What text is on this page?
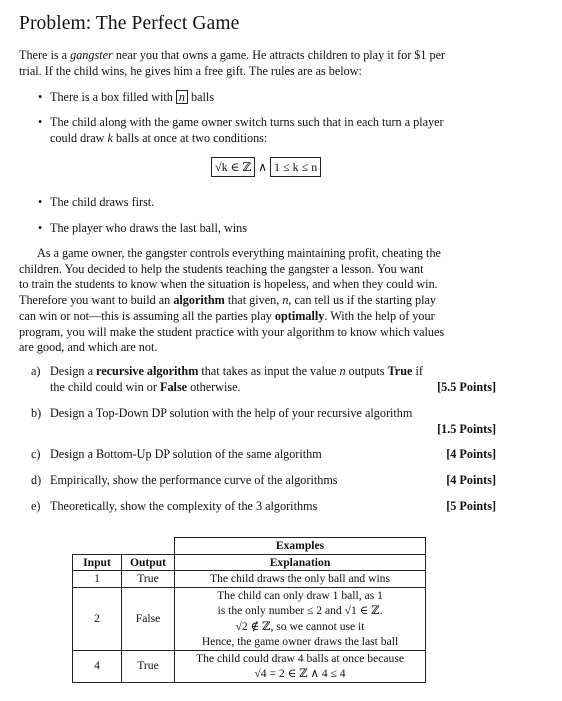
Problem: The Perfect Game
There is a gangster near you that owns a game. He attracts children to play it for $1 per
trial. If the child wins, he gives him a free gift. The rules are as below:
• There is a box filled with n balls
• The child along with the game owner switch turns such that in each turn a player
could draw k balls at once at two conditions:
√k ∈ ℤ ∧ 1 ≤ k ≤ n
• The child draws first.
• The player who draws the last ball, wins
As a game owner, the gangster controls everything maintaining profit, cheating the
children. You decided to help the students teaching the gangster a lesson. You want
to train the students to know when the situation is hopeless, and when they could win.
Therefore you want to build an algorithm that given, n, can tell us if the starting play
can win or not—this is assuming all the parties play optimally. With the help of your
program, you will make the student practice with your algorithm to know which values
are good, and which are not.
a) Design a recursive algorithm that takes as input the value n outputs True if
the child could win or False otherwise.	[5.5 Points]
b) Design a Top-Down DP solution with the help of your recursive algorithm
[1.5 Points]
c) Design a Bottom-Up DP solution of the same algorithm	[4 Points]
d) Empirically, show the performance curve of the algorithms	[4 Points]
e) Theoretically, show the complexity of the 3 algorithms	[5 Points]
		Examples
Input	Output	Explanation
1	True	The child draws the only ball and wins

2	False	The child can only draw 1 ball, as 1
is the only number ≤ 2 and √1 ∈ ℤ.
√2 ∉ ℤ, so we cannot use it
Hence, the game owner draws the last ball

4	True	The child could draw 4 balls at once because
√4 = 2 ∈ ℤ ∧ 4 ≤ 4
